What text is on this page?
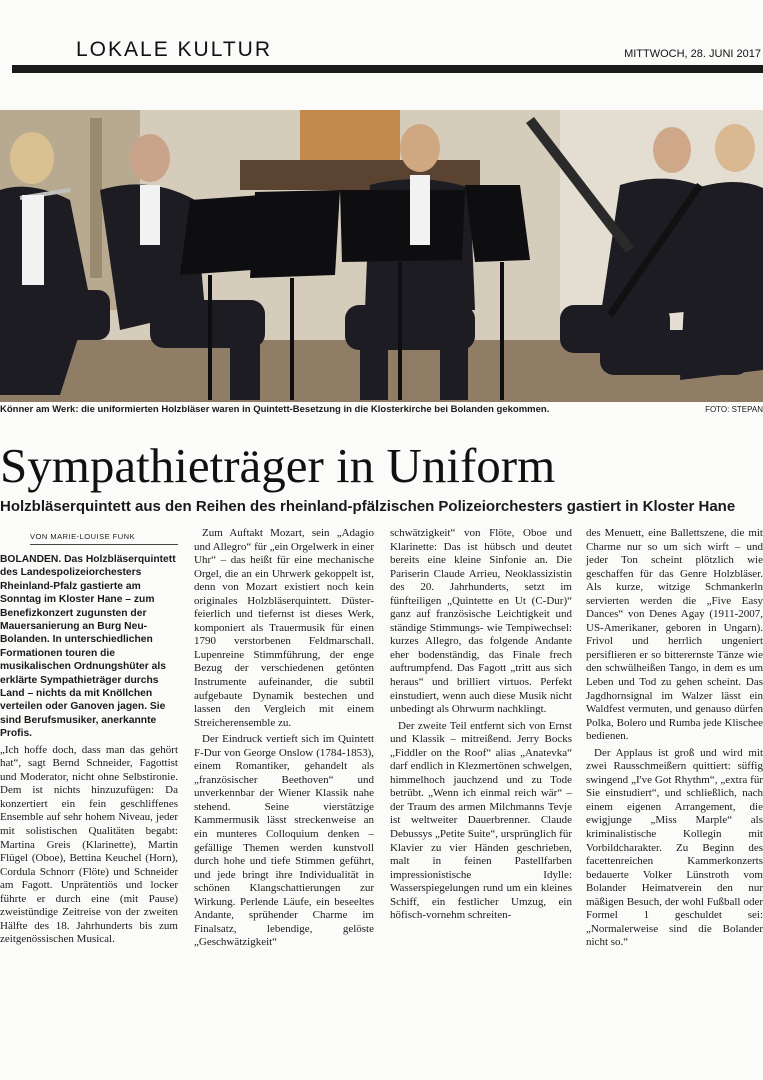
LOKALE KULTUR	MITTWOCH, 28. JUNI 2017
Könner am Werk: die uniformierten Holzbläser waren in Quintett-Besetzung in die Klosterkirche bei Bolanden gekommen.	FOTO: STEPAN
Sympathieträger in Uniform
Holzbläserquintett aus den Reihen des rheinland-pfälzischen Polizeiorchesters gastiert in Kloster Hane
VON MARIE-LOUISE FUNK

BOLANDEN. Das Holzbläserquintett des Landespolizeiorchesters Rheinland-Pfalz gastierte am Sonntag im Kloster Hane – zum Benefizkonzert zugunsten der Mauersanierung an Burg Neu-Bolanden. In unterschiedlichen Formationen touren die musikalischen Ordnungshüter als erklärte Sympathieträger durchs Land – nichts da mit Knöllchen verteilen oder Ganoven jagen. Sie sind Berufsmusiker, anerkannte Profis.

„Ich hoffe doch, dass man das gehört hat“, sagt Bernd Schneider, Fagottist und Moderator, nicht ohne Selbstironie. Dem ist nichts hinzuzufügen: Da konzertiert ein fein geschliffenes Ensemble auf sehr hohem Niveau, jeder mit solistischen Qualitäten begabt: Martina Greis (Klarinette), Martin Flügel (Oboe), Bettina Keuchel (Horn), Cordula Schnorr (Flöte) und Schneider am Fagott. Unprätentiös und locker führte er durch eine (mit Pause) zweistündige Zeitreise von der zweiten Hälfte des 18. Jahrhunderts bis zum zeitgenössischen Musical.

Zum Auftakt Mozart, sein „Adagio und Allegro“ für „ein Orgelwerk in einer Uhr“ – das heißt für eine mechanische Orgel, die an ein Uhrwerk gekoppelt ist, denn von Mozart existiert noch kein originales Holzbläserquintett. Düster-feierlich und tiefernst ist dieses Werk, komponiert als Trauermusik für einen 1790 verstorbenen Feldmarschall. Lupenreine Stimmführung, der enge Bezug der verschiedenen getönten Instrumente aufeinander, die subtil aufgebaute Dynamik bestechen und lassen den Vergleich mit einem Streicherensemble zu.

Der Eindruck vertieft sich im Quintett F-Dur von George Onslow (1784-1853), einem Romantiker, gehandelt als „französischer Beethoven“ und unverkennbar der Wiener Klassik nahe stehend. Seine vierstätzige Kammermusik lässt streckenweise an ein munteres Colloquium denken – gefällige Themen werden kunstvoll durch hohe und tiefe Stimmen geführt, und jede bringt ihre Individualität in schönen Klangschattierungen zur Wirkung. Perlende Läufe, ein beseeltes Andante, sprühender Charme im Finalsatz, lebendige, gelöste „Geschwätzigkeit“

schwätzigkeit“ von Flöte, Oboe und Klarinette: Das ist hübsch und deutet bereits eine kleine Sinfonie an. Die Pariserin Claude Arrieu, Neoklassizistin des 20. Jahrhunderts, setzt im fünfteiligen „Quintette en Ut (C-Dur)“ ganz auf französische Leichtigkeit und ständige Stimmungs- wie Tempiwechsel: kurzes Allegro, das folgende Andante eher bodenständig, das Finale frech auftrumpfend. Das Fagott „tritt aus sich heraus“ und brilliert virtuos. Perfekt einstudiert, wenn auch diese Musik nicht unbedingt als Ohrwurm nachklingt.

Der zweite Teil entfernt sich von Ernst und Klassik – mitreißend. Jerry Bocks „Fiddler on the Roof“ alias „Anatevka“ darf endlich in Klezmertönen schwelgen, himmelhoch jauchzend und zu Tode betrübt. „Wenn ich einmal reich wär“ – der Traum des armen Milchmanns Tevje ist weltweiter Dauerbrenner. Claude Debussys „Petite Suite“, ursprünglich für Klavier zu vier Händen geschrieben, malt in feinen Pastellfarben impressionistische Idylle: Wasserspiegelungen rund um ein kleines Schiff, ein festlicher Umzug, ein höfisch-vornehm schreiten-

des Menuett, eine Ballettszene, die mit Charme nur so um sich wirft – und jeder Ton scheint plötzlich wie geschaffen für das Genre Holzbläser. Als kurze, witzige Schmankerln servierten werden die „Five Easy Dances“ von Denes Agay (1911-2007, US-Amerikaner, geboren in Ungarn). Frivol und herrlich ungeniert persiflieren er so bitterernste Tänze wie den schwülheißen Tango, in dem es um Leben und Tod zu gehen scheint. Das Jagdhornsignal im Walzer lässt ein Waldfest vermuten, und genauso dürfen Polka, Bolero und Rumba jede Klischee bedienen.

Der Applaus ist groß und wird mit zwei Rausschmeißern quittiert: süffig swingend „I've Got Rhythm“, „extra für Sie einstudiert“, und schließlich, nach einem eigenen Arrangement, die ewigjunge „Miss Marple“ als kriminalistische Kollegin mit Vorbildcharakter. Zu Beginn des facettenreichen Kammerkonzerts bedauerte Volker Lünstroth vom Bolander Heimatverein den nur mäßigen Besuch, der wohl Fußball oder Formel 1 geschuldet sei: „Normalerweise sind die Bolander nicht so.“
